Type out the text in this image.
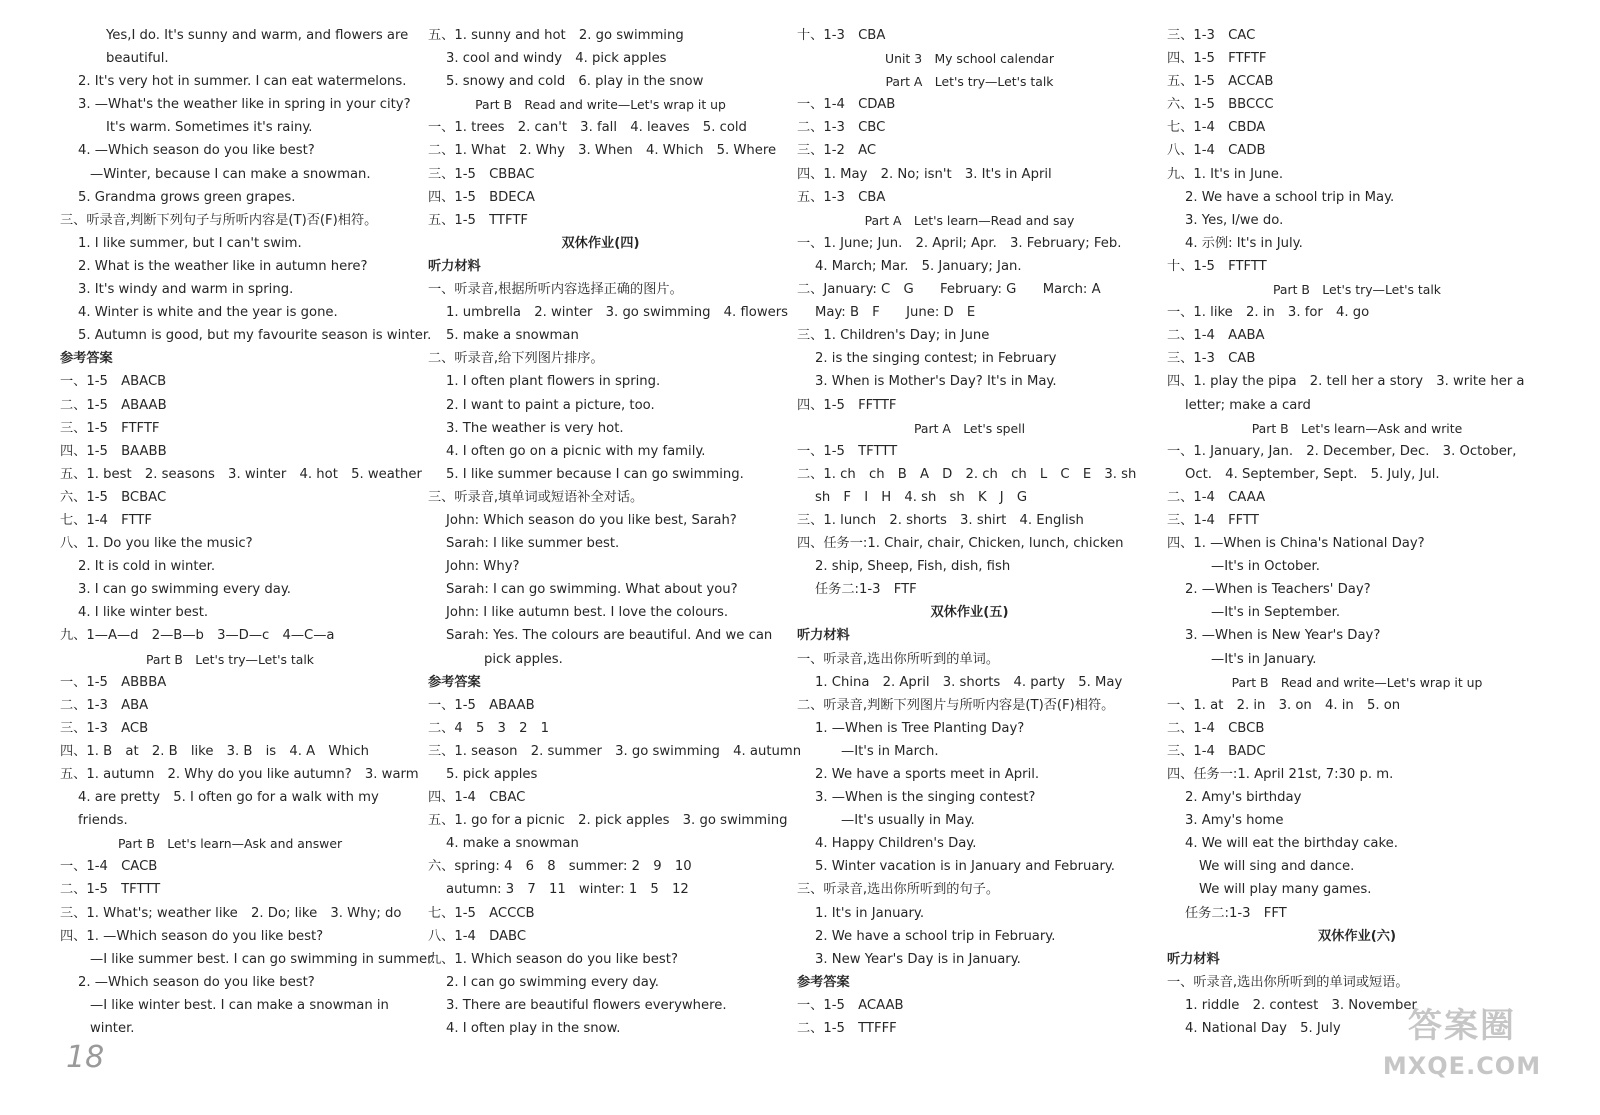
Yes,I do. It's sunny and warm, and flowers are
beautiful.
2. It's very hot in summer. I can eat watermelons.
3. —What's the weather like in spring in your city?
It's warm. Sometimes it's rainy.
4. —Which season do you like best?
—Winter, because I can make a snowman.
5. Grandma grows green grapes.
三、听录音,判断下列句子与所听内容是(T)否(F)相符。
1. I like summer, but I can't swim.
2. What is the weather like in autumn here?
3. It's windy and warm in spring.
4. Winter is white and the year is gone.
5. Autumn is good, but my favourite season is winter.
参考答案
一、1-5　ABACB
二、1-5　ABAAB
三、1-5　FTFTF
四、1-5　BAABB
五、1. best　2. seasons　3. winter　4. hot　5. weather
六、1-5　BCBAC
七、1-4　FTTF
八、1. Do you like the music?
2. It is cold in winter.
3. I can go swimming every day.
4. I like winter best.
九、1—A—d　2—B—b　3—D—c　4—C—a
Part B　Let's try—Let's talk
一、1-5　ABBBA
二、1-3　ABA
三、1-3　ACB
四、1. B　at　2. B　like　3. B　is　4. A　Which
五、1. autumn　2. Why do you like autumn?　3. warm
4. are pretty　5. I often go for a walk with my
friends.
Part B　Let's learn—Ask and answer
一、1-4　CACB
二、1-5　TFTTT
三、1. What's; weather like　2. Do; like　3. Why; do
四、1. —Which season do you like best?
—I like summer best. I can go swimming in summer.
2. —Which season do you like best?
—I like winter best. I can make a snowman in
winter.
五、1. sunny and hot　2. go swimming
3. cool and windy　4. pick apples
5. snowy and cold　6. play in the snow
Part B　Read and write—Let's wrap it up
一、1. trees　2. can't　3. fall　4. leaves　5. cold
二、1. What　2. Why　3. When　4. Which　5. Where
三、1-5　CBBAC
四、1-5　BDECA
五、1-5　TTFTF
双休作业(四)
听力材料
一、听录音,根据所听内容选择正确的图片。
1. umbrella　2. winter　3. go swimming　4. flowers
5. make a snowman
二、听录音,给下列图片排序。
1. I often plant flowers in spring.
2. I want to paint a picture, too.
3. The weather is very hot.
4. I often go on a picnic with my family.
5. I like summer because I can go swimming.
三、听录音,填单词或短语补全对话。
John: Which season do you like best, Sarah?
Sarah: I like summer best.
John: Why?
Sarah: I can go swimming. What about you?
John: I like autumn best. I love the colours.
Sarah: Yes. The colours are beautiful. And we can
pick apples.
参考答案
一、1-5　ABAAB
二、4　5　3　2　1
三、1. season　2. summer　3. go swimming　4. autumn
5. pick apples
四、1-4　CBAC
五、1. go for a picnic　2. pick apples　3. go swimming
4. make a snowman
六、spring: 4　6　8　summer: 2　9　10
autumn: 3　7　11　winter: 1　5　12
七、1-5　ACCCB
八、1-4　DABC
九、1. Which season do you like best?
2. I can go swimming every day.
3. There are beautiful flowers everywhere.
4. I often play in the snow.
十、1-3　CBA
Unit 3　My school calendar
Part A　Let's try—Let's talk
一、1-4　CDAB
二、1-3　CBC
三、1-2　AC
四、1. May　2. No; isn't　3. It's in April
五、1-3　CBA
Part A　Let's learn—Read and say
一、1. June; Jun.　2. April; Apr.　3. February; Feb.
4. March; Mar.　5. January; Jan.
二、January: C　G　　February: G　　March: A
May: B　F　　June: D　E
三、1. Children's Day; in June
2. is the singing contest; in February
3. When is Mother's Day? It's in May.
四、1-5　FFTTF
Part A　Let's spell
一、1-5　TFTTT
二、1. ch　ch　B　A　D　2. ch　ch　L　C　E　3. sh
sh　F　I　H　4. sh　sh　K　J　G
三、1. lunch　2. shorts　3. shirt　4. English
四、任务一:1. Chair, chair, Chicken, lunch, chicken
2. ship, Sheep, Fish, dish, fish
任务二:1-3　FTF
双休作业(五)
听力材料
一、听录音,选出你所听到的单词。
1. China　2. April　3. shorts　4. party　5. May
二、听录音,判断下列图片与所听内容是(T)否(F)相符。
1. —When is Tree Planting Day?
—It's in March.
2. We have a sports meet in April.
3. —When is the singing contest?
—It's usually in May.
4. Happy Children's Day.
5. Winter vacation is in January and February.
三、听录音,选出你所听到的句子。
1. It's in January.
2. We have a school trip in February.
3. New Year's Day is in January.
参考答案
一、1-5　ACAAB
二、1-5　TTFFF
三、1-3　CAC
四、1-5　FTFTF
五、1-5　ACCAB
六、1-5　BBCCC
七、1-4　CBDA
八、1-4　CADB
九、1. It's in June.
2. We have a school trip in May.
3. Yes, I/we do.
4. 示例: It's in July.
十、1-5　FTFTT
Part B　Let's try—Let's talk
一、1. like　2. in　3. for　4. go
二、1-4　AABA
三、1-3　CAB
四、1. play the pipa　2. tell her a story　3. write her a
letter; make a card
Part B　Let's learn—Ask and write
一、1. January, Jan.　2. December, Dec.　3. October,
Oct.　4. September, Sept.　5. July, Jul.
二、1-4　CAAA
三、1-4　FFTT
四、1. —When is China's National Day?
—It's in October.
2. —When is Teachers' Day?
—It's in September.
3. —When is New Year's Day?
—It's in January.
Part B　Read and write—Let's wrap it up
一、1. at　2. in　3. on　4. in　5. on
二、1-4　CBCB
三、1-4　BADC
四、任务一:1. April 21st, 7:30 p. m.
2. Amy's birthday
3. Amy's home
4. We will eat the birthday cake.
We will sing and dance.
We will play many games.
任务二:1-3　FFT
双休作业(六)
听力材料
一、听录音,选出你所听到的单词或短语。
1. riddle　2. contest　3. November
4. National Day　5. July
18
答案圈
MXQE.COM
